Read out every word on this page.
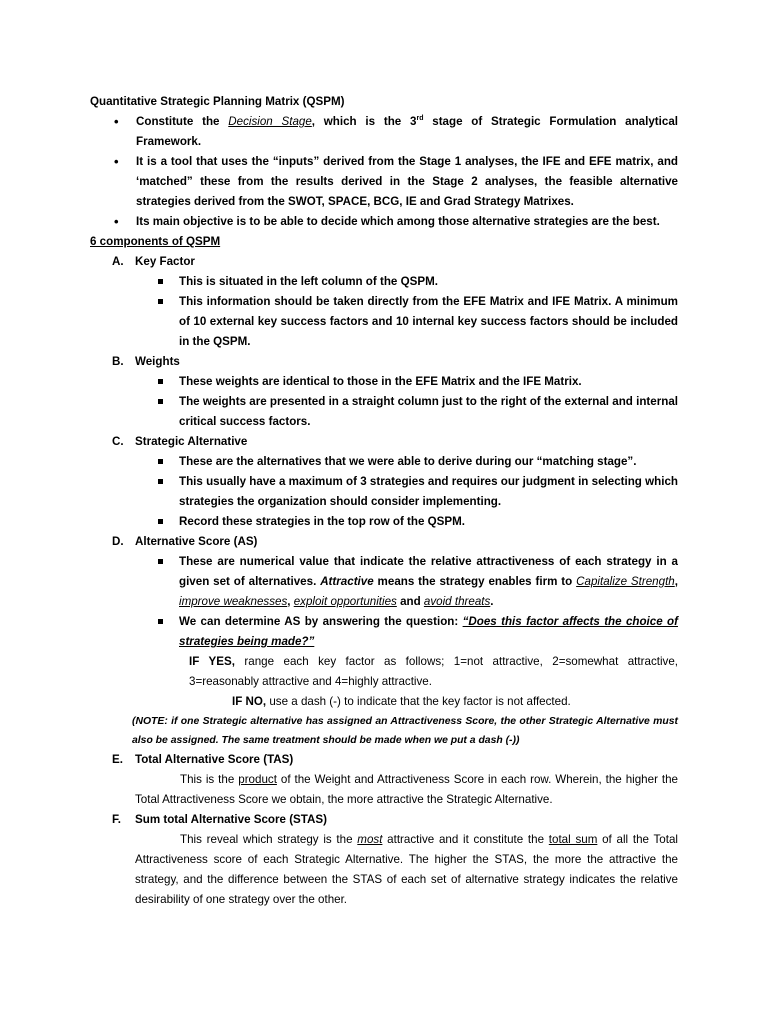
Quantitative Strategic Planning Matrix (QSPM)
• Constitute the Decision Stage, which is the 3rd stage of Strategic Formulation analytical Framework.
• It is a tool that uses the “inputs” derived from the Stage 1 analyses, the IFE and EFE matrix, and ‘matched” these from the results derived in the Stage 2 analyses, the feasible alternative strategies derived from the SWOT, SPACE, BCG, IE and Grad Strategy Matrixes.
• Its main objective is to be able to decide which among those alternative strategies are the best.
6 components of QSPM
A. Key Factor
This is situated in the left column of the QSPM.
This information should be taken directly from the EFE Matrix and IFE Matrix. A minimum of 10 external key success factors and 10 internal key success factors should be included in the QSPM.
B. Weights
These weights are identical to those in the EFE Matrix and the IFE Matrix.
The weights are presented in a straight column just to the right of the external and internal critical success factors.
C. Strategic Alternative
These are the alternatives that we were able to derive during our “matching stage”.
This usually have a maximum of 3 strategies and requires our judgment in selecting which strategies the organization should consider implementing.
Record these strategies in the top row of the QSPM.
D. Alternative Score (AS)
These are numerical value that indicate the relative attractiveness of each strategy in a given set of alternatives. Attractive means the strategy enables firm to Capitalize Strength, improve weaknesses, exploit opportunities and avoid threats.
We can determine AS by answering the question: “Does this factor affects the choice of strategies being made?”
IF YES, range each key factor as follows; 1=not attractive, 2=somewhat attractive, 3=reasonably attractive and 4=highly attractive.
IF NO, use a dash (-) to indicate that the key factor is not affected.
(NOTE: if one Strategic alternative has assigned an Attractiveness Score, the other Strategic Alternative must also be assigned. The same treatment should be made when we put a dash (-))
E. Total Alternative Score (TAS)
This is the product of the Weight and Attractiveness Score in each row. Wherein, the higher the Total Attractiveness Score we obtain, the more attractive the Strategic Alternative.
F. Sum total Alternative Score (STAS)
This reveal which strategy is the most attractive and it constitute the total sum of all the Total Attractiveness score of each Strategic Alternative. The higher the STAS, the more the attractive the strategy, and the difference between the STAS of each set of alternative strategy indicates the relative desirability of one strategy over the other.
